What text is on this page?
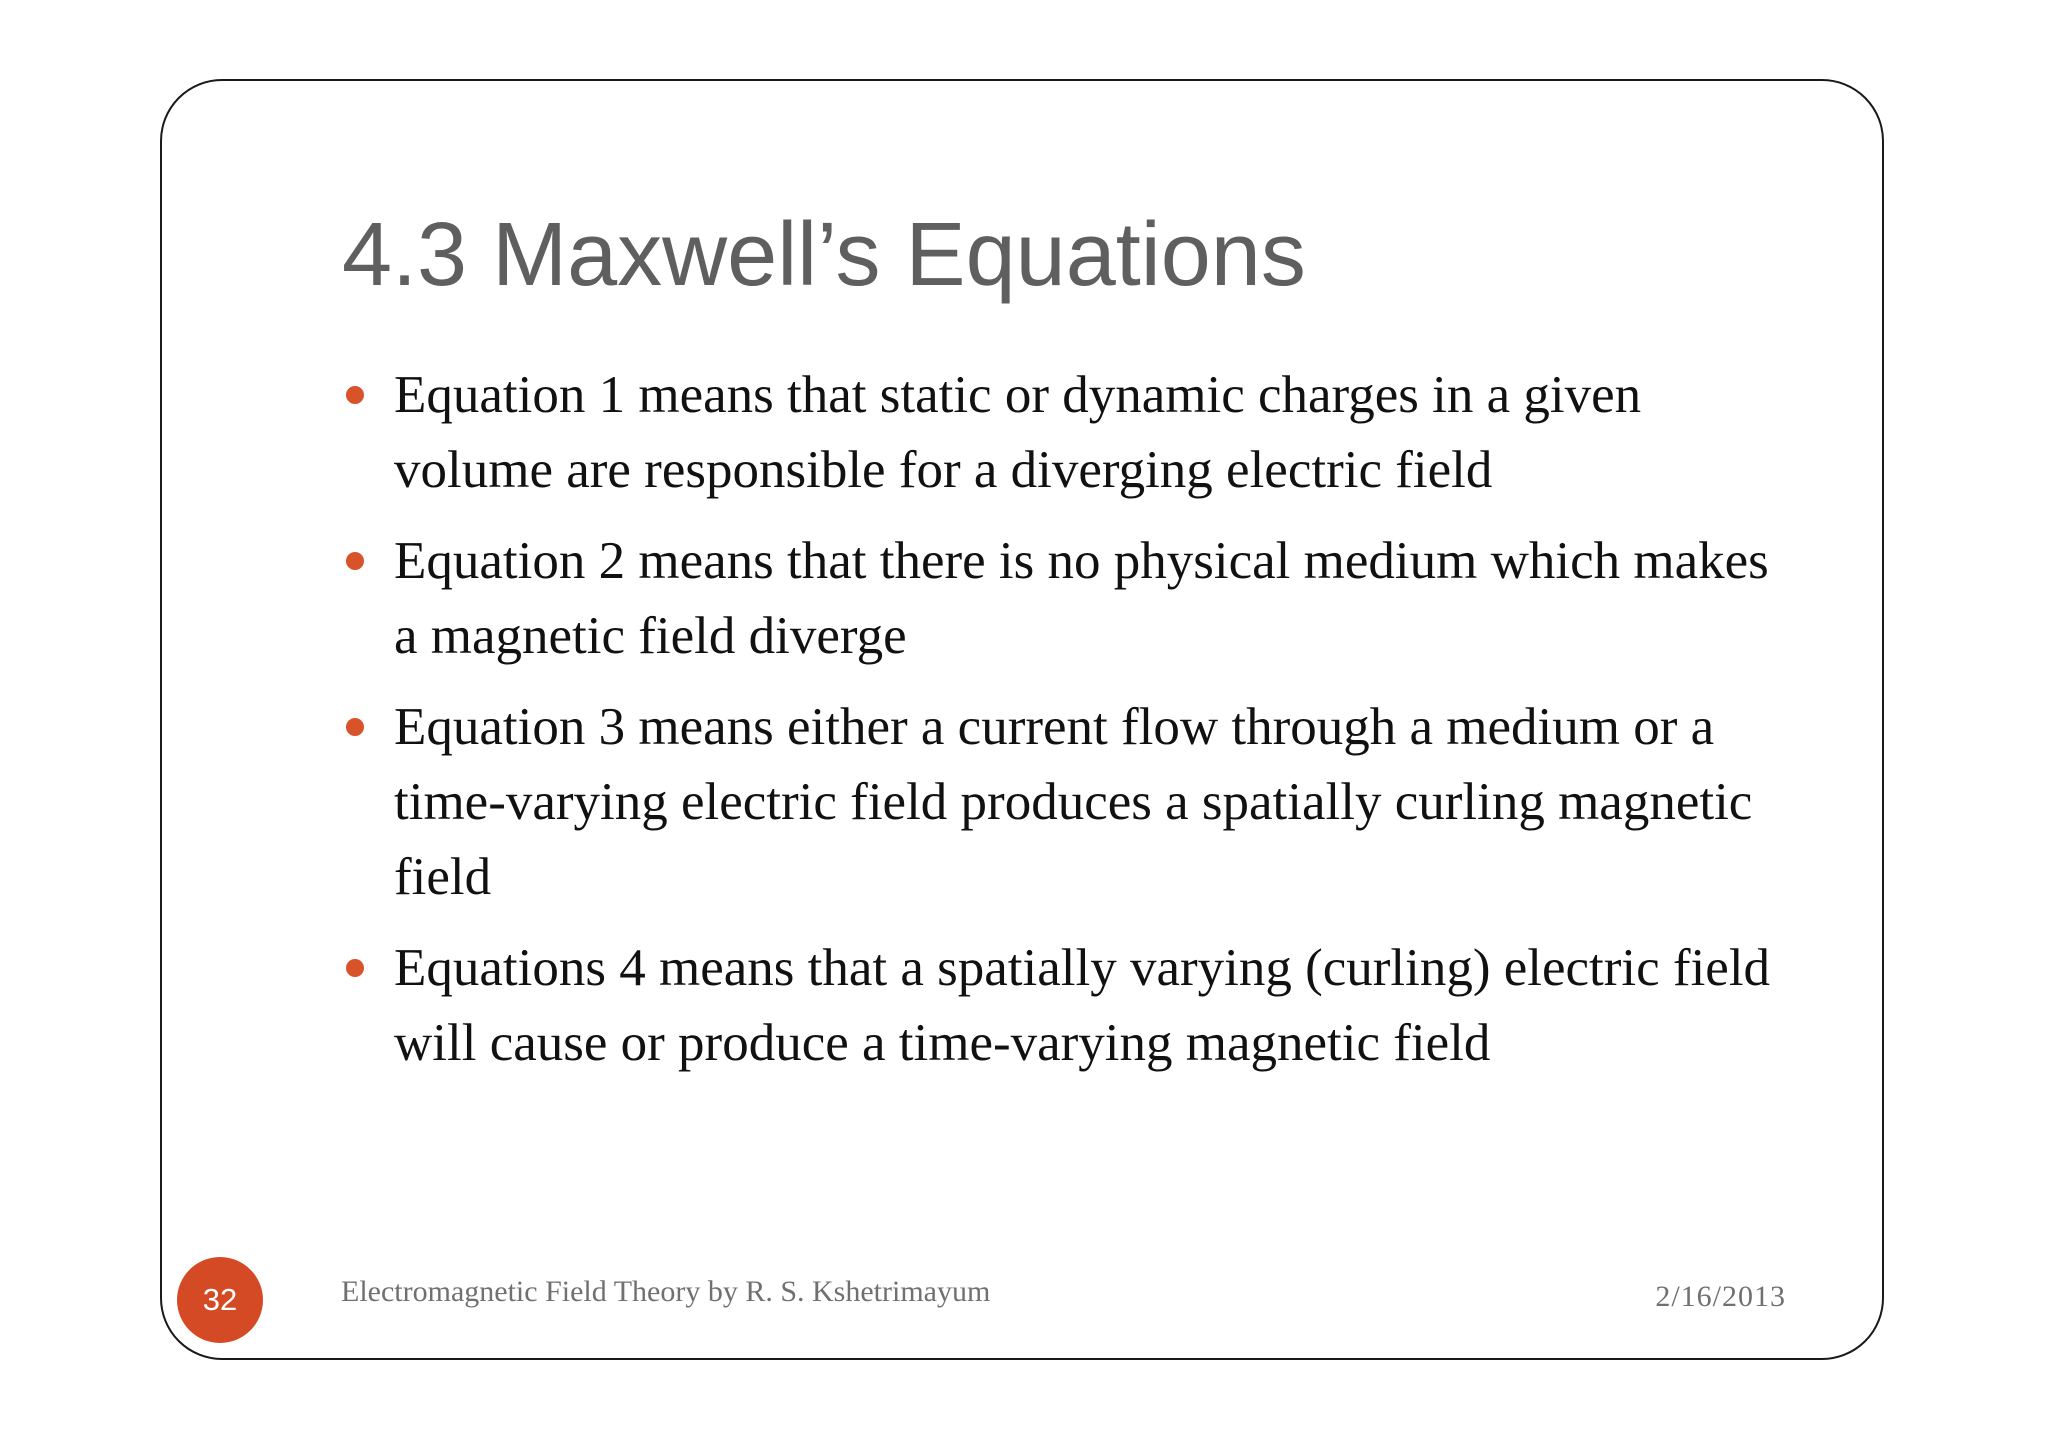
4.3 Maxwell’s Equations
Equation 1 means that static or dynamic charges in a given volume are responsible for a diverging electric field
Equation 2 means that there is no physical medium which makes a magnetic field diverge
Equation 3 means either a current flow through a medium or a time-varying electric field produces a spatially curling magnetic field
Equations 4 means that a spatially varying (curling) electric field will cause or produce a time-varying magnetic field
32	Electromagnetic Field Theory by R. S. Kshetrimayum	2/16/2013
